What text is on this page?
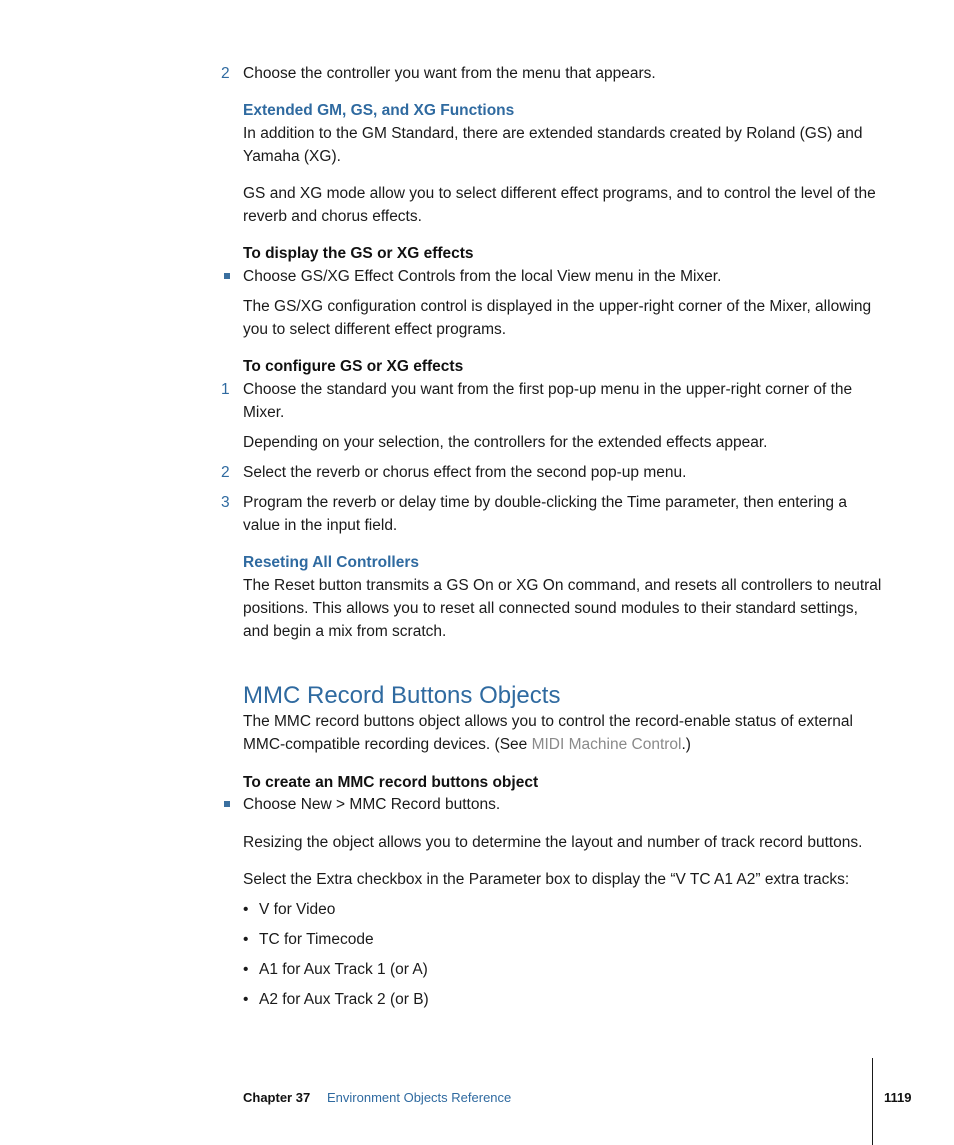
2 Choose the controller you want from the menu that appears.
Extended GM, GS, and XG Functions
In addition to the GM Standard, there are extended standards created by Roland (GS) and Yamaha (XG).
GS and XG mode allow you to select different effect programs, and to control the level of the reverb and chorus effects.
To display the GS or XG effects
Choose GS/XG Effect Controls from the local View menu in the Mixer.
The GS/XG configuration control is displayed in the upper-right corner of the Mixer, allowing you to select different effect programs.
To configure GS or XG effects
1 Choose the standard you want from the first pop-up menu in the upper-right corner of the Mixer.
Depending on your selection, the controllers for the extended effects appear.
2 Select the reverb or chorus effect from the second pop-up menu.
3 Program the reverb or delay time by double-clicking the Time parameter, then entering a value in the input field.
Reseting All Controllers
The Reset button transmits a GS On or XG On command, and resets all controllers to neutral positions. This allows you to reset all connected sound modules to their standard settings, and begin a mix from scratch.
MMC Record Buttons Objects
The MMC record buttons object allows you to control the record-enable status of external MMC-compatible recording devices. (See MIDI Machine Control.)
To create an MMC record buttons object
Choose New > MMC Record buttons.
Resizing the object allows you to determine the layout and number of track record buttons.
Select the Extra checkbox in the Parameter box to display the “V TC A1 A2” extra tracks:
• V for Video
• TC for Timecode
• A1 for Aux Track 1 (or A)
• A2 for Aux Track 2 (or B)
Chapter 37 Environment Objects Reference	1119
